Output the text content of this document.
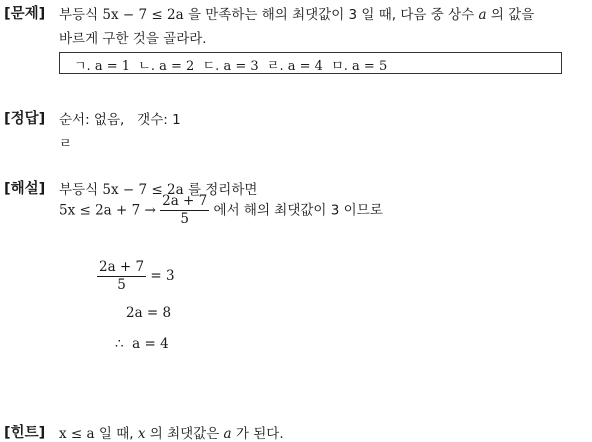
[문제] 부등식 5x − 7 ≤ 2a 을 만족하는 해의 최댓값이 3 일 때, 다음 중 상수 a 의 값을
바르게 구한 것을 골라라.
ㄱ. a = 1 ㄴ. a = 2 ㄷ. a = 3 ㄹ. a = 4 ㅁ. a = 5
[정답] 순서: 없음,   갯수: 1
ㄹ
[해설] 부등식 5x − 7 ≤ 2a 를 정리하면
$5x \le 2a + 7 \to \frac{2a + 7}{5}$ 에서 해의 최댓값이 3 이므로
$\frac{2a + 7}{5} = 3$
2a = 8
∴  a = 4
[힌트] x ≤ a 일 때, x 의 최댓값은 a 가 된다.
